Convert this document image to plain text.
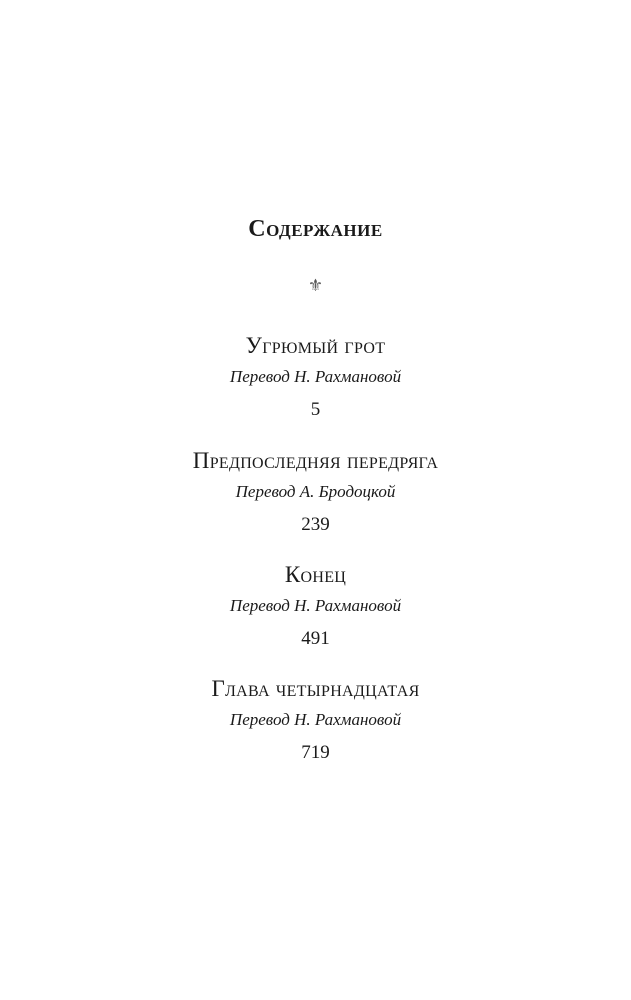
Содержание
⚜
Угрюмый грот
Перевод Н. Рахмановой
5
Предпоследняя передряга
Перевод А. Бродоцкой
239
Конец
Перевод Н. Рахмановой
491
Глава четырнадцатая
Перевод Н. Рахмановой
719
